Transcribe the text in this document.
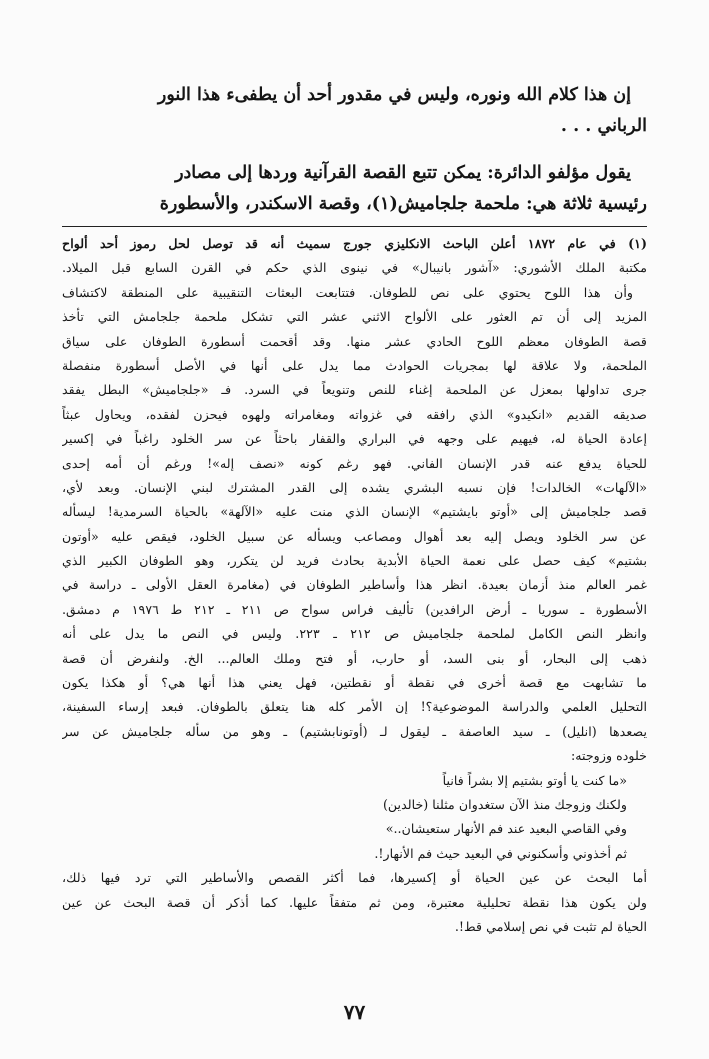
إن هذا كلام الله ونوره، وليس في مقدور أحد أن يطفىء هذا النور
الرباني . . .
يقول مؤلفو الدائرة: يمكن تتبع القصة القرآنية وردها إلى مصادر
رئيسية ثلاثة هي: ملحمة جلجاميش(١)، وقصة الاسكندر، والأسطورة
(١) في عام ١٨٧٢ أعلن الباحث الانكليزي جورج سميث أنه قد توصل لحل رموز أحد ألواح
مكتبة الملك الأشوري: «آشور بانيبال» في نينوى الذي حكم في القرن السابع قبل الميلاد.
وأن هذا اللوح يحتوي على نص للطوفان. فتتابعت البعثات التنقيبية على المنطقة لاكتشاف
المزيد إلى أن تم العثور على الألواح الاثني عشر التي تشكل ملحمة جلجامش التي تأخذ
قصة الطوفان معظم اللوح الحادي عشر منها. وقد أقحمت أسطورة الطوفان على سياق
الملحمة، ولا علاقة لها بمجريات الحوادث مما يدل على أنها في الأصل أسطورة منفصلة
جرى تداولها بمعزل عن الملحمة إغناء للنص وتنويعاً في السرد. فـ «جلجاميش» البطل يفقد
صديقه القديم «انكيدو» الذي رافقه في غزواته ومغامراته ولهوه فيحزن لفقده، ويحاول عبثاً
إعادة الحياة له، فيهيم على وجهه في البراري والقفار باحثاً عن سر الخلود راغباً في إكسير
للحياة يدفع عنه قدر الإنسان الفاني. فهو رغم كونه «نصف إله»! ورغم أن أمه إحدى
«الآلهات» الخالدات! فإن نسبه البشري يشده إلى القدر المشترك لبني الإنسان. وبعد لأي،
قصد جلجاميش إلى «أوتو بايشتيم» الإنسان الذي منت عليه «الآلهة» بالحياة السرمدية! ليسأله
عن سر الخلود ويصل إليه بعد أهوال ومصاعب ويسأله عن سبيل الخلود، فيقص عليه «أوتون
بشتيم» كيف حصل على نعمة الحياة الأبدية بحادث فريد لن يتكرر، وهو الطوفان الكبير الذي
غمر العالم منذ أزمان بعيدة. انظر هذا وأساطير الطوفان في (مغامرة العقل الأولى ـ دراسة في
الأسطورة ـ سوريا ـ أرض الرافدين) تأليف فراس سواح ص ٢١١ ـ ٢١٢ ط ١٩٧٦ م دمشق.
وانظر النص الكامل لملحمة جلجاميش ص ٢١٢ ـ ٢٢٣. وليس في النص ما يدل على أنه
ذهب إلى البحار، أو بنى السد، أو حارب، أو فتح وملك العالم... الخ. ولنفرض أن قصة
ما تشابهت مع قصة أخرى في نقطة أو نقطتين، فهل يعني هذا أنها هي؟ أو هكذا يكون
التحليل العلمي والدراسة الموضوعية؟! إن الأمر كله هنا يتعلق بالطوفان. فبعد إرساء السفينة،
يصعدها (انليل) ـ سيد العاصفة ـ ليقول لـ (أوتونابشتيم) ـ وهو من سأله جلجاميش عن سر
خلوده وزوجته:
«ما كنت يا أوتو بشتيم إلا بشراً فانياً
ولكنك وزوجك منذ الآن ستغدوان مثلنا (خالدين)
وفي القاصي البعيد عند فم الأنهار ستعيشان..»
ثم أخذوني وأسكنوني في البعيد حيث فم الأنهار!.
أما البحث عن عين الحياة أو إكسيرها، فما أكثر القصص والأساطير التي ترد فيها ذلك،
ولن يكون هذا نقطة تحليلية معتبرة، ومن ثم متفقاً عليها. كما أذكر أن قصة البحث عن عين
الحياة لم تثبت في نص إسلامي قط!.
٧٧
